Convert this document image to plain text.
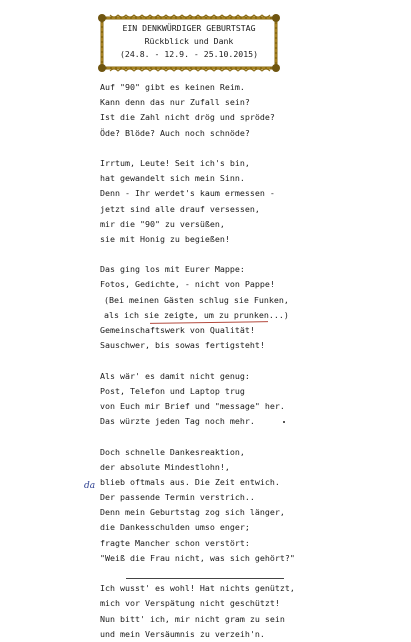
EIN DENKWÜRDIGER GEBURTSTAG
Rückblick und Dank
(24.8. - 12.9. - 25.10.2015)
Auf "90" gibt es keinen Reim.
Kann denn das nur Zufall sein?
Ist die Zahl nicht drög und spröde?
Öde? Blöde? Auch noch schnöde?
Irrtum, Leute! Seit ich's bin,
hat gewandelt sich mein Sinn.
Denn - Ihr werdet's kaum ermessen -
jetzt sind alle drauf versessen,
mir die "90" zu versüßen,
sie mit Honig zu begießen!
Das ging los mit Eurer Mappe:
Fotos, Gedichte, - nicht von Pappe!
(Bei meinen Gästen schlug sie Funken,
als ich sie zeigte, um zu prunken...)
Gemeinschaftswerk von Qualität!
Sauschwer, bis sowas fertigsteht!
Als wär' es damit nicht genug:
Post, Telefon und Laptop trug
von Euch mir Brief und "message" her.
Das würzte jeden Tag noch mehr.
Doch schnelle Dankesreaktion,
der absolute Mindestlohn!,
blieb oftmals aus. Die Zeit entwich.
Der passende Termin verstrich..
Denn mein Geburtstag zog sich länger,
die Dankesschulden umso enger;
fragte Mancher schon verstört:
"Weiß die Frau nicht, was sich gehört?"
Ich wusst' es wohl! Hat nichts genützt,
mich vor Verspätung nicht geschützt!
Nun bitt' ich, mir nicht gram zu sein
und mein Versäumnis zu verzeih'n.
da
